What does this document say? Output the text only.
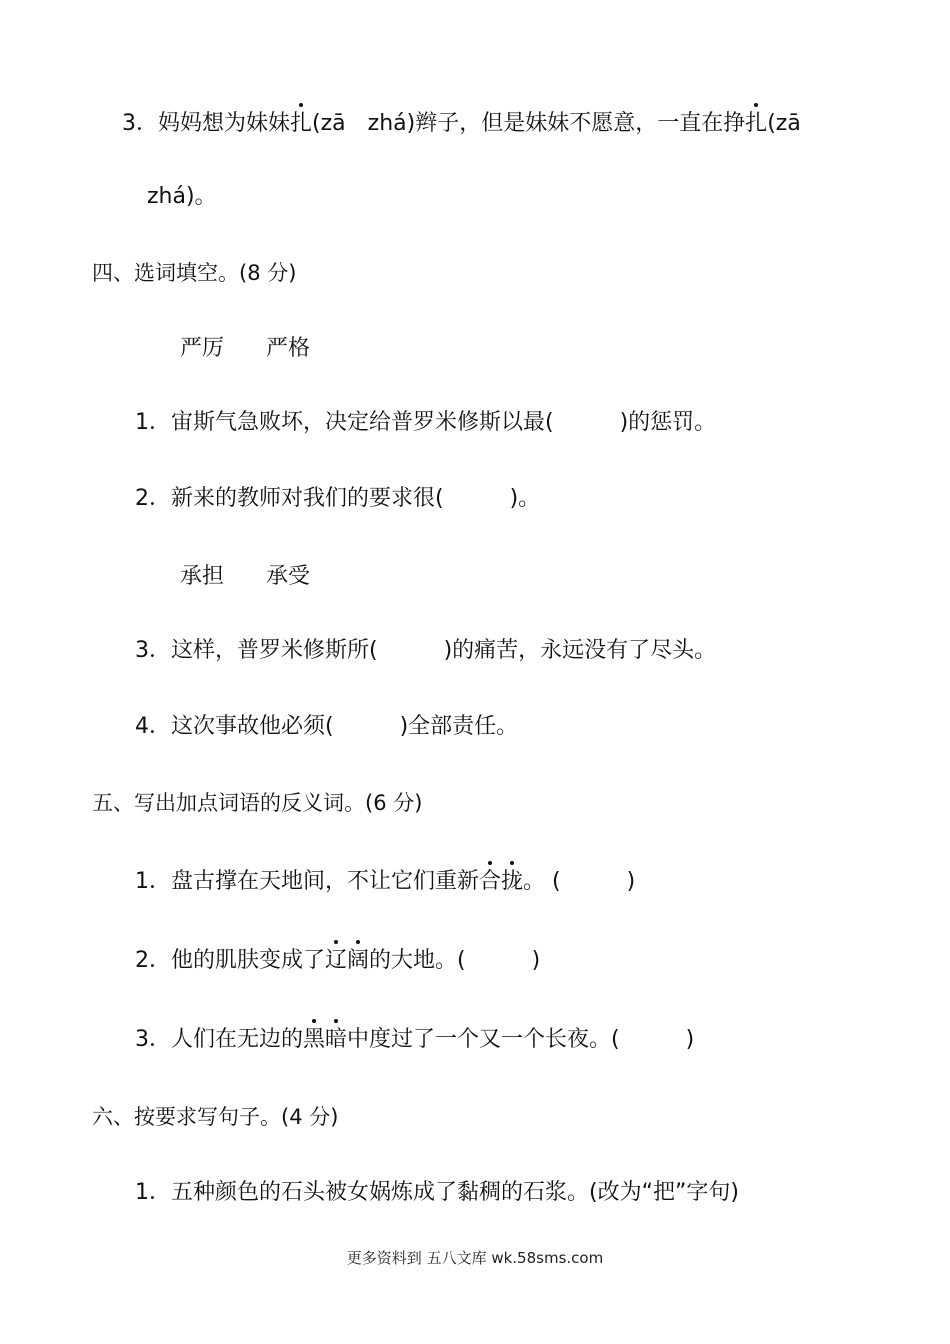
3．妈妈想为妹妹扎(zā　zhá)辫子，但是妹妹不愿意，一直在挣扎(zā
zhá)。
四、选词填空。(8 分)
严厉 严格
1．宙斯气急败坏，决定给普罗米修斯以最(	)的惩罚。
2．新来的教师对我们的要求很(	)。
承担 承受
3．这样，普罗米修斯所(	)的痛苦，永远没有了尽头。
4．这次事故他必须(	)全部责任。
五、写出加点词语的反义词。(6 分)
1．盘古撑在天地间，不让它们重新合拢。 (	)
2．他的肌肤变成了辽阔的大地。(	)
3．人们在无边的黑暗中度过了一个又一个长夜。(	)
六、按要求写句子。(4 分)
1．五种颜色的石头被女娲炼成了黏稠的石浆。(改为“把”字句)
更多资料到 五八文库 wk.58sms.com
